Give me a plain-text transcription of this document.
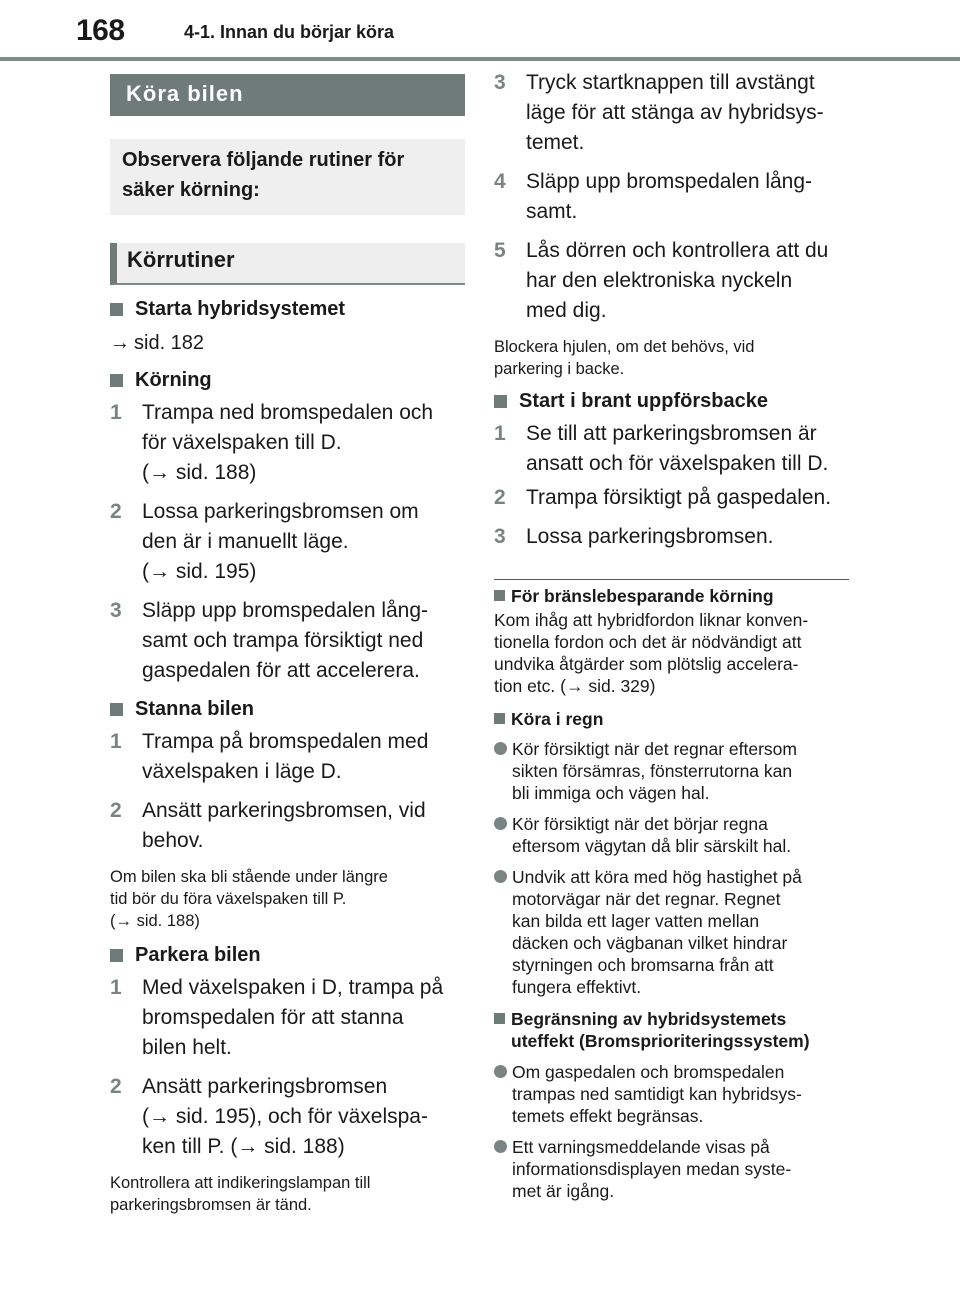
168	4-1. Innan du börjar köra
Köra bilen
Observera följande rutiner för säker körning:
Körrutiner
Starta hybridsystemet
→ sid. 182
Körning
1 Trampa ned bromspedalen och
för växelspaken till D.
(→ sid. 188)
2 Lossa parkeringsbromsen om
den är i manuellt läge.
(→ sid. 195)
3 Släpp upp bromspedalen lång-
samt och trampa försiktigt ned
gaspedalen för att accelerera.
Stanna bilen
1 Trampa på bromspedalen med
växelspaken i läge D.
2 Ansätt parkeringsbromsen, vid
behov.
Om bilen ska bli stående under längre
tid bör du föra växelspaken till P.
(→ sid. 188)
Parkera bilen
1 Med växelspaken i D, trampa på
bromspedalen för att stanna
bilen helt.
2 Ansätt parkeringsbromsen
(→ sid. 195), och för växelspa-
ken till P. (→ sid. 188)
Kontrollera att indikeringslampan till
parkeringsbromsen är tänd.
3 Tryck startknappen till avstängt
läge för att stänga av hybridsys-
temet.
4 Släpp upp bromspedalen lång-
samt.
5 Lås dörren och kontrollera att du
har den elektroniska nyckeln
med dig.
Blockera hjulen, om det behövs, vid
parkering i backe.
Start i brant uppförsbacke
1 Se till att parkeringsbromsen är
ansatt och för växelspaken till D.
2 Trampa försiktigt på gaspedalen.
3 Lossa parkeringsbromsen.
För bränslebesparande körning
Kom ihåg att hybridfordon liknar konven-
tionella fordon och det är nödvändigt att
undvika åtgärder som plötslig accelera-
tion etc. (→ sid. 329)
Köra i regn
Kör försiktigt när det regnar eftersom
sikten försämras, fönsterrutorna kan
bli immiga och vägen hal.
Kör försiktigt när det börjar regna
eftersom vägytan då blir särskilt hal.
Undvik att köra med hög hastighet på
motorvägar när det regnar. Regnet
kan bilda ett lager vatten mellan
däcken och vägbanan vilket hindrar
styrningen och bromsarna från att
fungera effektivt.
Begränsning av hybridsystemets
uteffekt (Bromsprioriteringssystem)
Om gaspedalen och bromspedalen
trampas ned samtidigt kan hybridsys-
temets effekt begränsas.
Ett varningsmeddelande visas på
informationsdisplayen medan syste-
met är igång.
